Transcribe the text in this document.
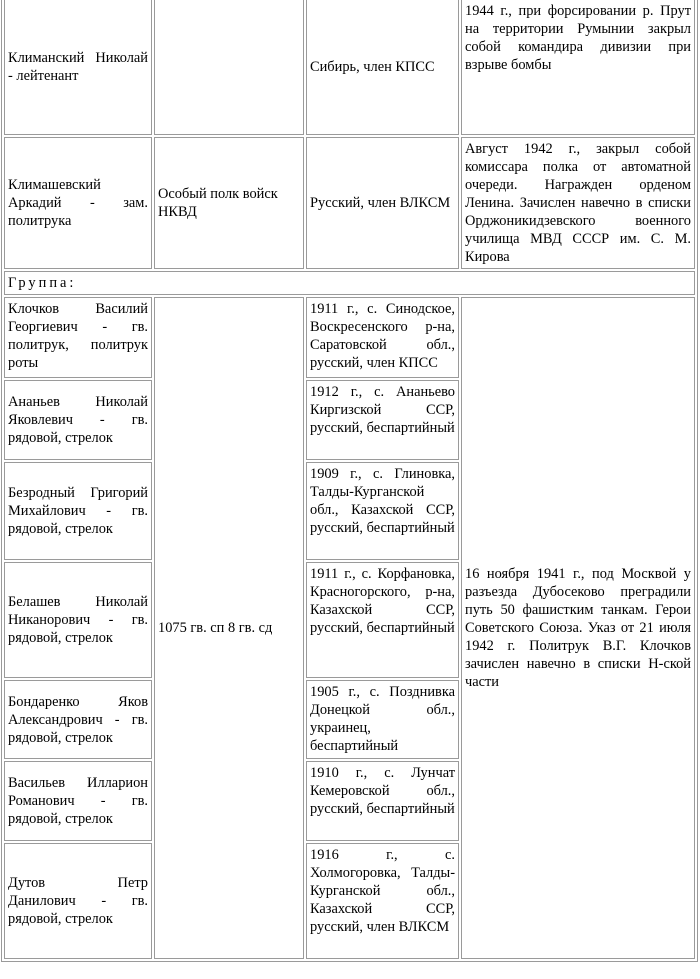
Климанский Николай - лейтенант		Сибирь, член КПСС	1944 г., при форсировании р. Прут на территории Румынии закрыл собой командира дивизии при взрыве бомбы
Климашевский Аркадий - зам. политрука	Особый полк войск НКВД	Русский, член ВЛКСМ	Август 1942 г., закрыл собой комиссара полка от автоматной очереди. Награжден орденом Ленина. Зачислен навечно в списки Орджоникидзевского военного училища МВД СССР им. С. М. Кирова
Группа:			
Клочков Василий Георгиевич - гв. политрук, политрук роты	1075 гв. сп 8 гв. сд	1911 г., с. Синодское, Воскресенского р-на, Саратовской обл., русский, член КПСС	16 ноября 1941 г., под Москвой у разъезда Дубосеково преградили путь 50 фашистким танкам. Герои Советского Союза. Указ от 21 июля 1942 г. Политрук В.Г. Клочков зачислен навечно в списки Н-ской части
Ананьев Николай Яковлевич - гв. рядовой, стрелок		1912 г., с. Ананьево Киргизской ССР, русский, беспартийный	
Безродный Григорий Михайлович - гв. рядовой, стрелок		1909 г., с. Глиновка, Талды-Курганской обл., Казахской ССР, русский, беспартийный	
Белашев Николай Никанорович - гв. рядовой, стрелок		1911 г., с. Корфановка, Красногорского, р-на, Казахской ССР, русский, беспартийный	
Бондаренко Яков Александрович - гв. рядовой, стрелок		1905 г., с. Позднивка Донецкой обл., украинец, беспартийный	
Васильев Илларион Романович - гв. рядовой, стрелок		1910 г., с. Лунчат Кемеровской обл., русский, беспартийный	
Дутов Петр Данилович - гв. рядовой, стрелок		1916 г., с. Холмогоровка, Талды-Курганской обл., Казахской ССР, русский, член ВЛКСМ	
